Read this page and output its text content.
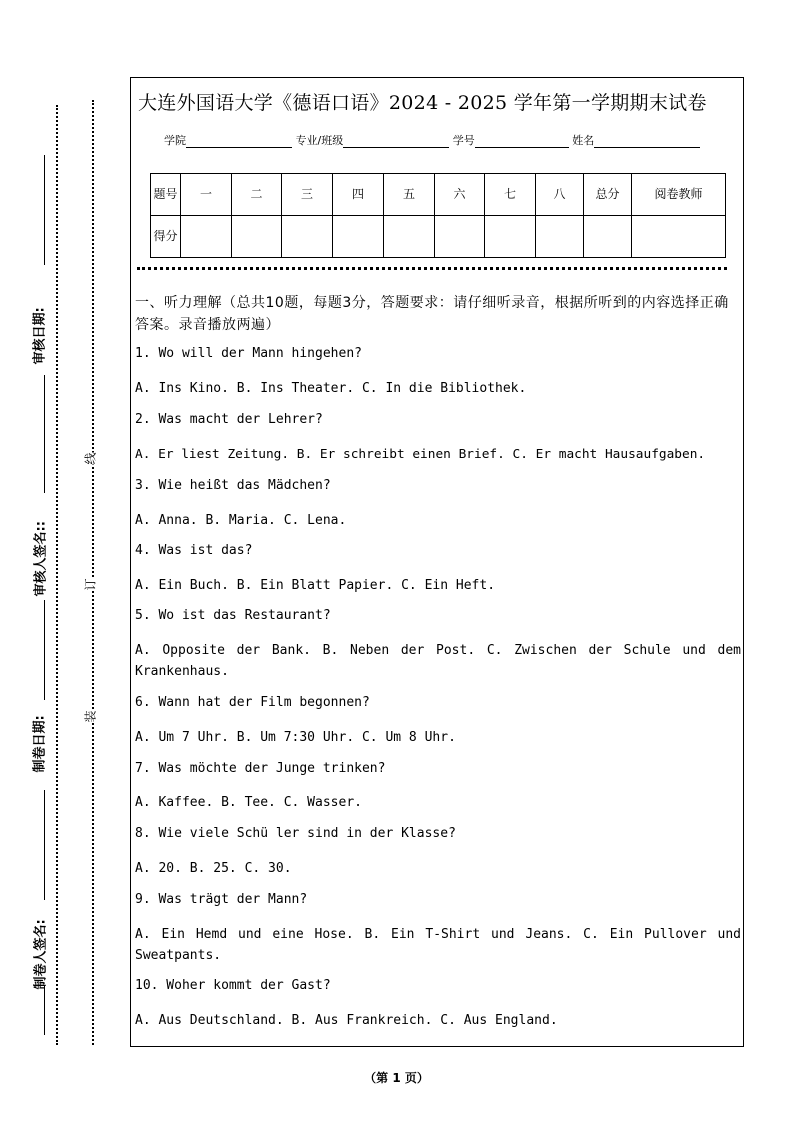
审核日期:
审核人签名::
制卷日期:
制卷人签名:
线
订
装
大连外国语大学《德语口语》2024 - 2025 学年第一学期期末试卷
学院	专业/班级	学号	姓名
题号	一	二	三	四	五	六	七	八	总分	阅卷教师
得分										
一、听力理解（总共10题，每题3分，答题要求：请仔细听录音，根据所听到的内容选择正确答案。录音播放两遍）
1. Wo will der Mann hingehen?
A. Ins Kino. B. Ins Theater. C. In die Bibliothek.
2. Was macht der Lehrer?
A. Er liest Zeitung. B. Er schreibt einen Brief. C. Er macht Hausaufgaben.
3. Wie heißt das Mädchen?
A. Anna. B. Maria. C. Lena.
4. Was ist das?
A. Ein Buch. B. Ein Blatt Papier. C. Ein Heft.
5. Wo ist das Restaurant?
A. Opposite der Bank. B. Neben der Post. C. Zwischen der Schule und dem Krankenhaus.
6. Wann hat der Film begonnen?
A. Um 7 Uhr. B. Um 7:30 Uhr. C. Um 8 Uhr.
7. Was möchte der Junge trinken?
A. Kaffee. B. Tee. C. Wasser.
8. Wie viele Schü ler sind in der Klasse?
A. 20. B. 25. C. 30.
9. Was trägt der Mann?
A. Ein Hemd und eine Hose. B. Ein T-Shirt und Jeans. C. Ein Pullover und Sweatpants.
10. Woher kommt der Gast?
A. Aus Deutschland. B. Aus Frankreich. C. Aus England.
（第 1 页）
